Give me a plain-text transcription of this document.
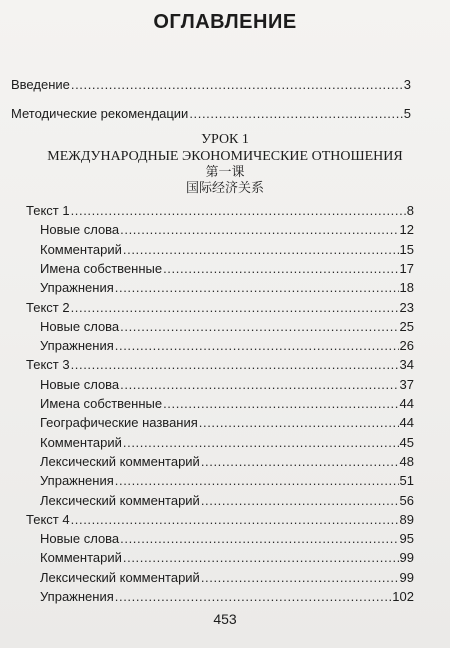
ОГЛАВЛЕНИЕ
Введение .....	3
Методические рекомендации .....	5
УРОК 1
МЕЖДУНАРОДНЫЕ ЭКОНОМИЧЕСКИЕ ОТНОШЕНИЯ
第一课
国际经济关系
Текст 1 .....	8
Новые слова .....	12
Комментарий .....	15
Имена собственные .....	17
Упражнения .....	18
Текст 2 .....	23
Новые слова .....	25
Упражнения .....	26
Текст 3 .....	34
Новые слова .....	37
Имена собственные .....	44
Географические названия .....	44
Комментарий .....	45
Лексический комментарий .....	48
Упражнения .....	51
Лексический комментарий .....	56
Текст 4 .....	89
Новые слова .....	95
Комментарий .....	99
Лексический комментарий .....	99
Упражнения .....	102
453
